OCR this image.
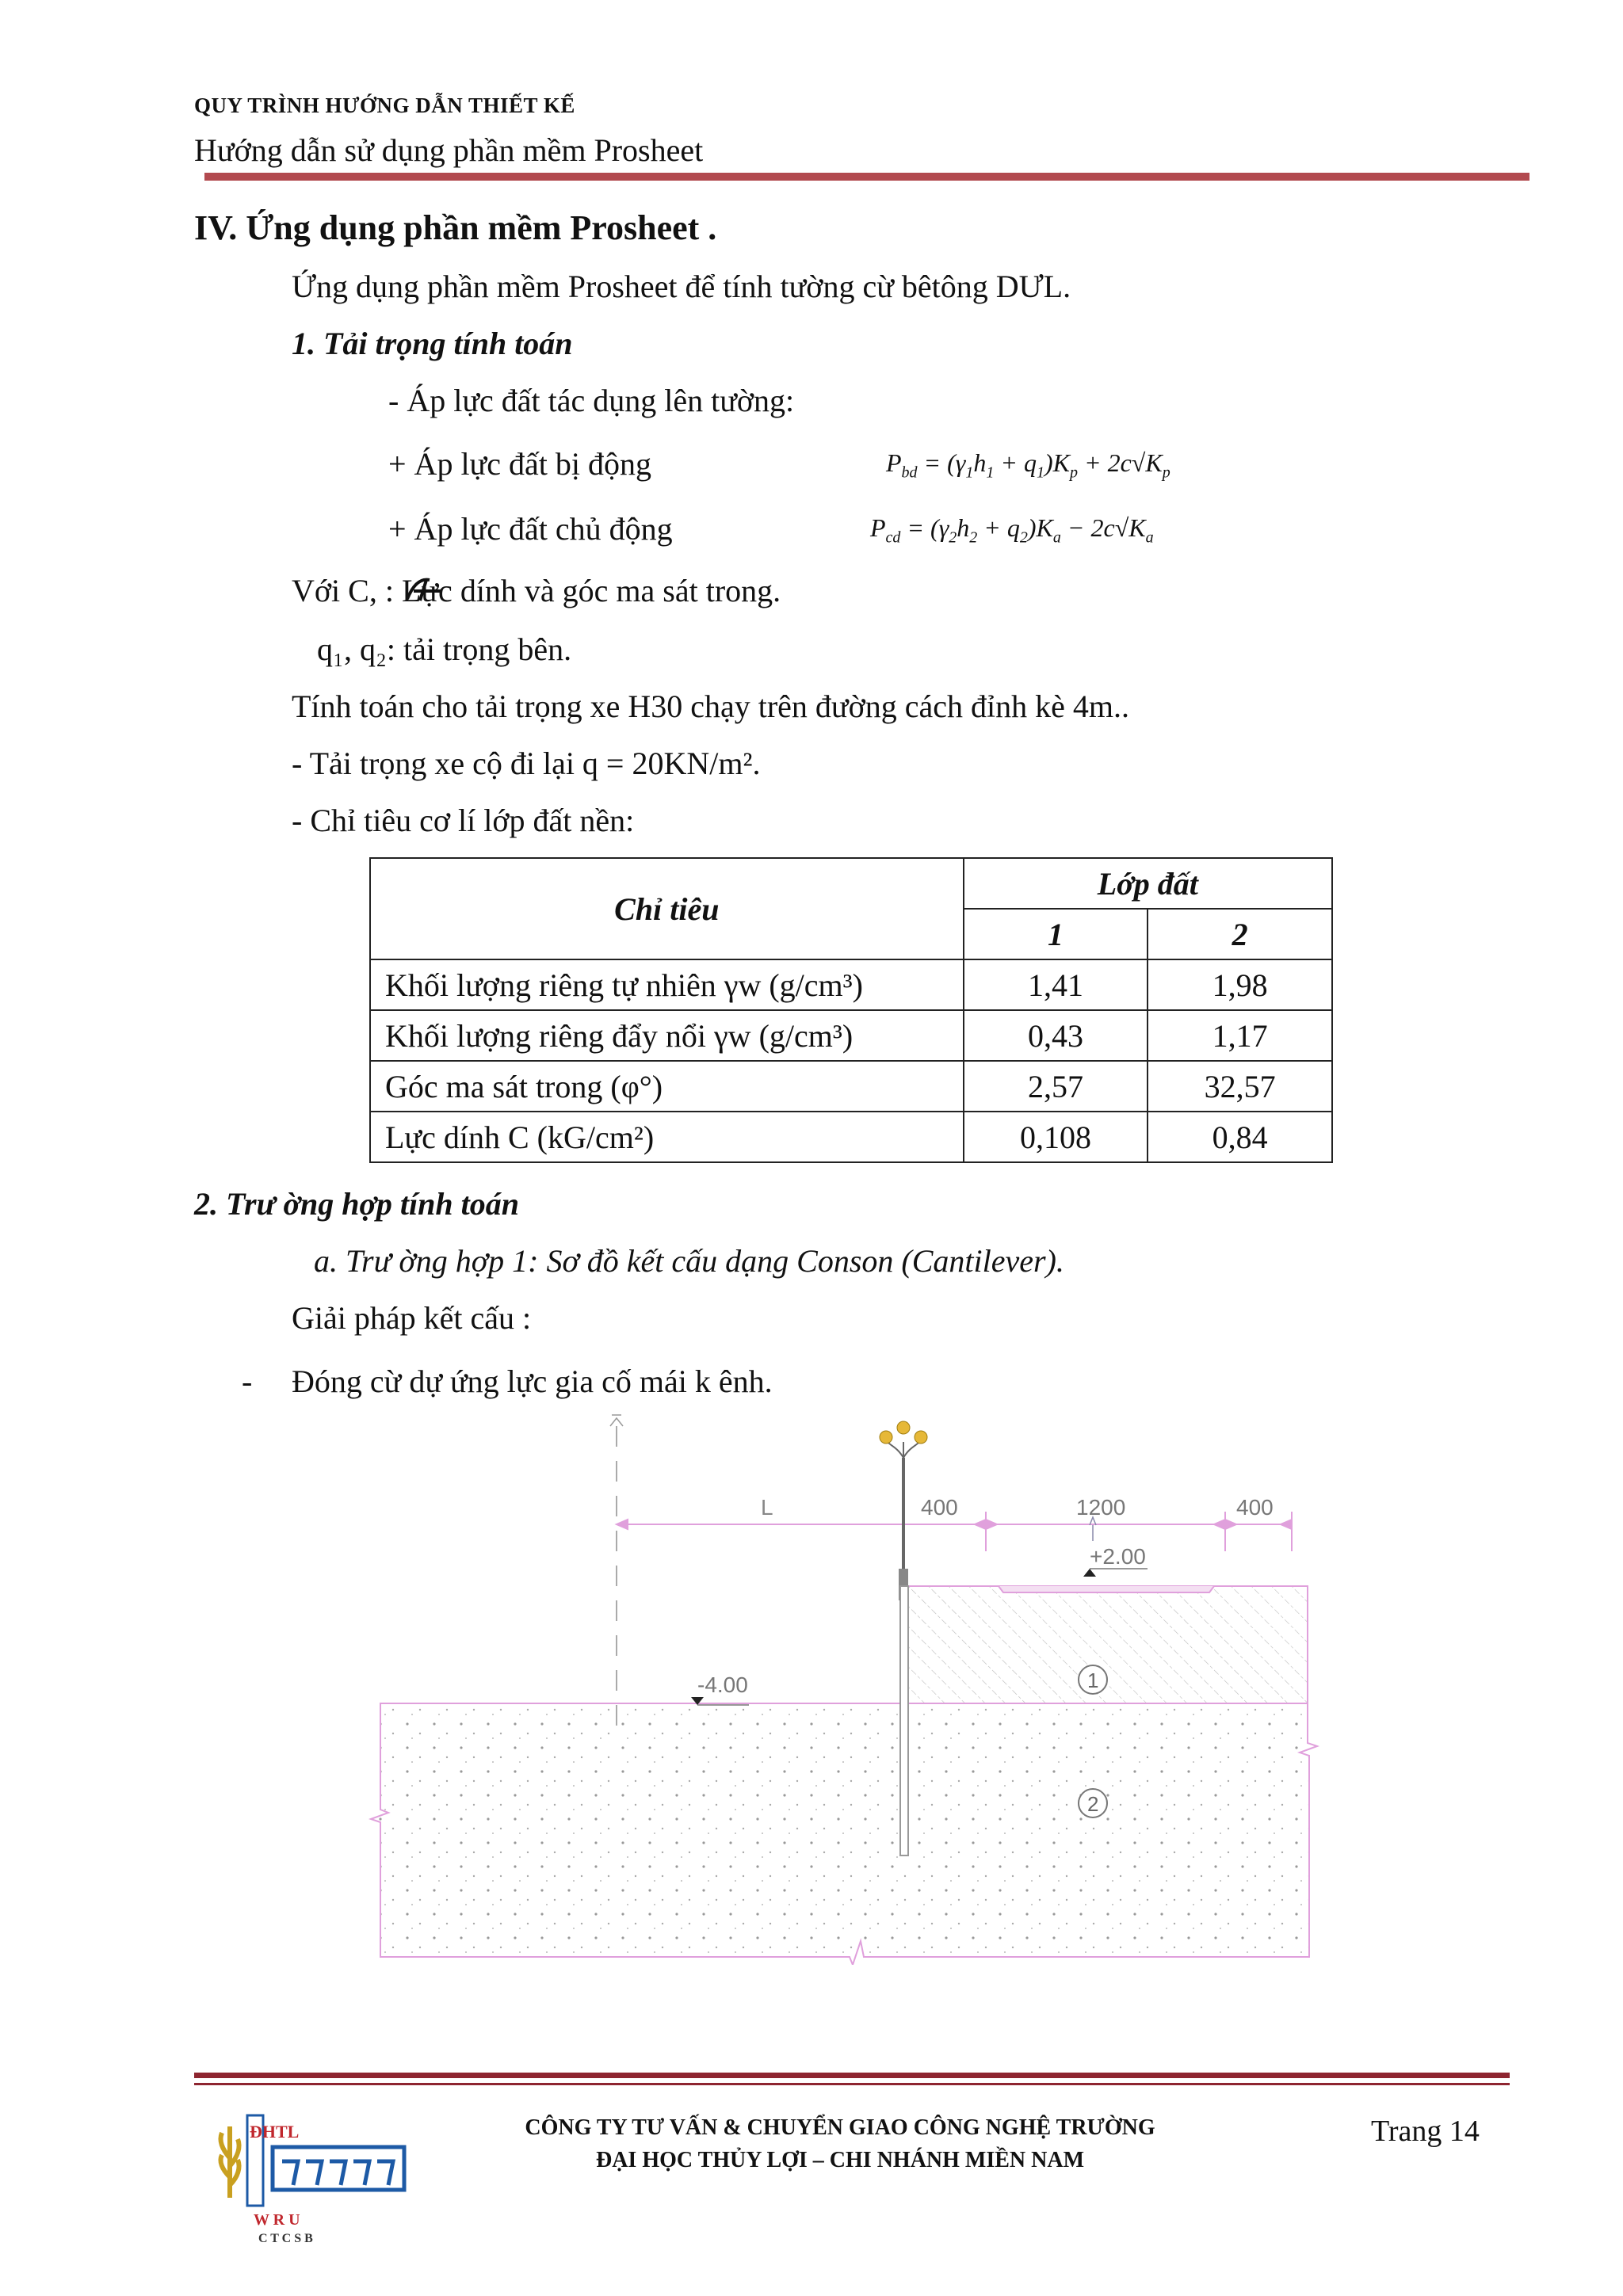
QUY TRÌNH HƯỚNG DẪN THIẾT KẾ
Hướng dẫn sử dụng phần mềm Prosheet
IV. Ứng dụng phần mềm Prosheet .
Ứng dụng phần mềm Prosheet để tính tường cừ bêtông DƯL.
1. Tải trọng tính toán
- Áp lực đất tác dụng lên tường:
+ Áp lực đất bị động	$P_{bd} = (\gamma_1h_1 + q_1)K_p + 2c√K_p$
+ Áp lực đất chủ động	$P_{cd} = (\gamma_2h_2 + q_2)K_a - 2c√K_a$
Với C, : Lực dính và góc ma sát trong.
q₁, q₂: tải trọng bên.
Tính toán cho tải trọng xe H30 chạy trên đường cách đỉnh kè 4m..
- Tải trọng xe cộ đi lại q = 20KN/m².
- Chỉ tiêu cơ lí lớp đất nền:
Chỉ tiêu	Lớp đất	
	1	2
Khối lượng riêng tự nhiên γw (g/cm³)	1,41	1,98
Khối lượng riêng đẩy nổi γw (g/cm³)	0,43	1,17
Góc ma sát trong (φ°)	2,57	32,57
Lực dính C (kG/cm²)	0,108	0,84
2. Trư ờng hợp tính toán
a. Trư ờng hợp 1: Sơ đồ kết cấu dạng Conson (Cantilever).
Giải pháp kết cấu :
- Đóng cừ dự ứng lực gia cố mái k ênh.
L	400	1200	400
+2.00
-4.00	1
2
ĐHTL
W R U
C T C S B
CÔNG TY TƯ VẤN & CHUYỂN GIAO CÔNG NGHỆ TRƯỜNG
ĐẠI HỌC THỦY LỢI – CHI NHÁNH MIỀN NAM
Trang 14
